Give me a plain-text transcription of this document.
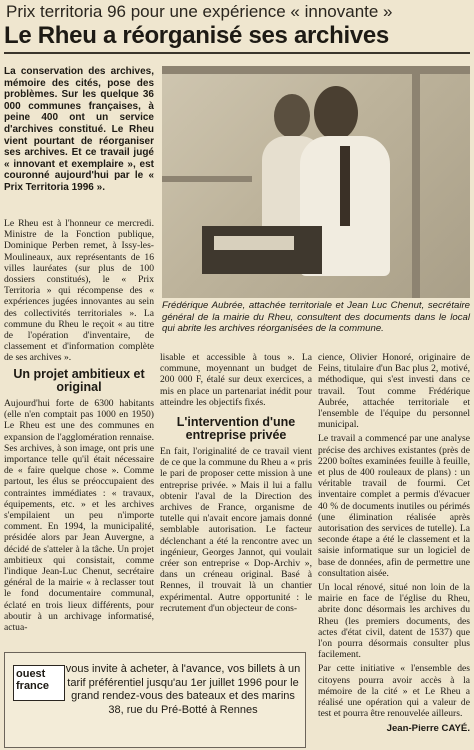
Prix territoria 96 pour une expérience « innovante »
Le Rheu a réorganisé ses archives
La conservation des archives, mémoire des cités, pose des problèmes. Sur les quelque 36 000 communes françaises, à peine 400 ont un service d'archives constitué. Le Rheu vient pourtant de réorganiser ses archives. Et ce travail jugé « innovant et exemplaire », est couronné aujourd'hui par le « Prix Territoria 1996 ».
Le Rheu est à l'honneur ce mercredi. Ministre de la Fonction publique, Dominique Perben remet, à Issy-les-Moulineaux, aux représentants de 16 villes lauréates (sur plus de 100 dossiers constitués), le « Prix Territoria » qui récompense des « expériences jugées innovantes au sein des collectivités territoriales ». La commune du Rheu le reçoit « au titre de l'opération d'inventaire, de classement et d'information complète de ses archives ».
Frédérique Aubrée, attachée territoriale et Jean Luc Chenut, secrétaire général de la mairie du Rheu, consultent des documents dans le local qui abrite les archives réorganisées de la commune.
Un projet ambitieux et original
Aujourd'hui forte de 6300 habitants (elle n'en comptait pas 1000 en 1950) Le Rheu est une des communes en expansion de l'agglomération rennaise. Ses archives, à son image, ont pris une importance telle qu'il était nécessaire de « faire quelque chose ». Comme partout, les élus se préoccupaient des contraintes immédiates : « travaux, équipements, etc. » et les archives s'empilaient un peu n'importe comment. En 1994, la municipalité, présidée alors par Jean Auvergne, a décidé de s'atteler à la tâche. Un projet ambitieux qui consistait, comme l'indique Jean-Luc Chenut, secrétaire général de la mairie « à reclasser tout le fond documentaire communal, éclaté en trois lieux différents, pour aboutir à un archivage informatisé, actua-
lisable et accessible à tous ». La commune, moyennant un budget de 200 000 F, étalé sur deux exercices, a mis en place un partenariat inédit pour atteindre les objectifs fixés.
L'intervention d'une entreprise privée
En fait, l'originalité de ce travail vient de ce que la commune du Rheu a « pris le pari de proposer cette mission à une entreprise privée. » Mais il lui a fallu obtenir l'aval de la Direction des archives de France, organisme de tutelle qui n'avait encore jamais donné semblable autorisation. Le facteur déclenchant a été la rencontre avec un ingénieur, Georges Jannot, qui voulait créer son entreprise « Dop-Archiv », dans un créneau original. Basé à Rennes, il trouvait là un chantier expérimental. Autre opportunité : le recrutement d'un objecteur de cons-
cience, Olivier Honoré, originaire de Feins, titulaire d'un Bac plus 2, motivé, méthodique, qui s'est investi dans ce travail. Tout comme Frédérique Aubrée, attachée territoriale et l'ensemble de l'équipe du personnel municipal.
Le travail a commencé par une analyse précise des archives existantes (près de 2200 boîtes examinées feuille à feuille, et plus de 400 rouleaux de plans) : un véritable travail de fourmi. Cet inventaire complet a permis d'évacuer 40 % de documents inutiles ou périmés (une élimination réalisée après autorisation des services de tutelle). La seconde étape a été le classement et la saisie informatique sur un logiciel de base de données, afin de permettre une consultation aisée.
Un local rénové, situé non loin de la mairie en face de l'église du Rheu, abrite donc désormais les archives du Rheu (les premiers documents, des actes d'état civil, datent de 1537) que l'on pourra désormais consulter plus facilement.
Par cette initiative « l'ensemble des citoyens pourra avoir accès à la mémoire de la cité » et Le Rheu a réalisé une opération qui a valeur de test et pourra être renouvelée ailleurs.
Jean-Pierre CAYÉ.
ouest france
vous invite à acheter, à l'avance, vos billets à un tarif préférentiel jusqu'au 1er juillet 1996 pour le grand rendez-vous des bateaux et des marins 38, rue du Pré-Botté à Rennes
